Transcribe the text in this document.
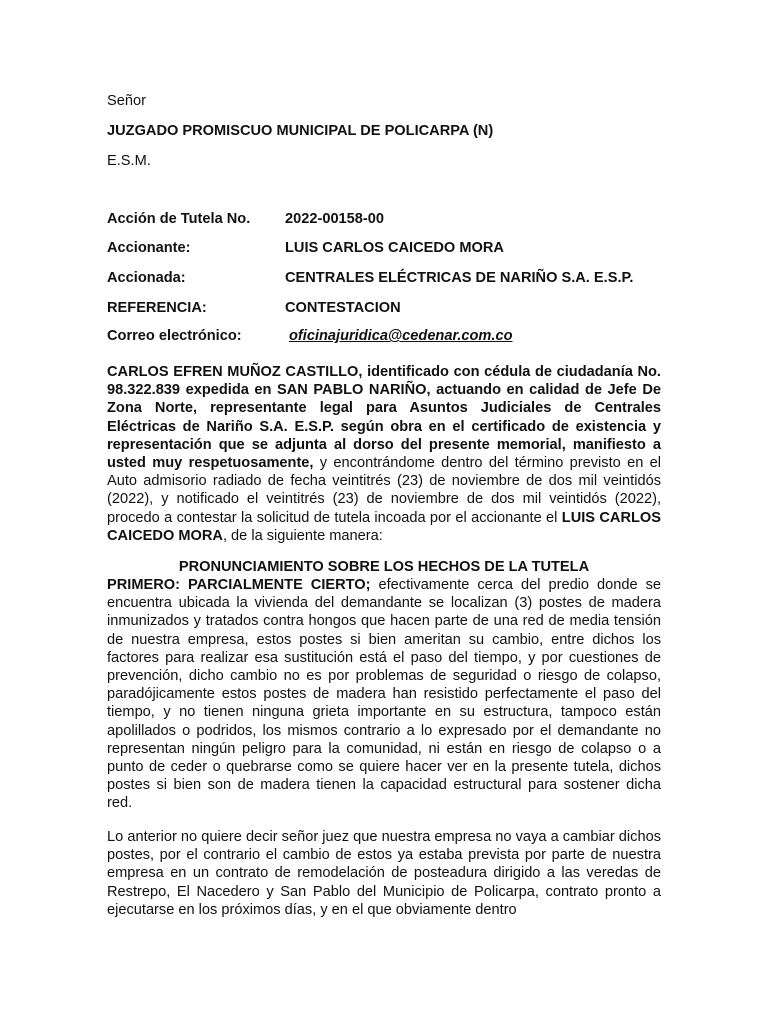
Señor
JUZGADO PROMISCUO MUNICIPAL DE POLICARPA (N)
E.S.M.
Acción de Tutela No. 2022-00158-00
Accionante:	LUIS CARLOS CAICEDO MORA
Accionada:	CENTRALES ELÉCTRICAS DE NARIÑO S.A. E.S.P.
REFERENCIA:	CONTESTACION
Correo electrónico:	oficinajuridica@cedenar.com.co

CARLOS EFREN MUÑOZ CASTILLO, identificado con cédula de ciudadanía No. 98.322.839 expedida en SAN PABLO NARIÑO, actuando en calidad de Jefe De Zona Norte, representante legal para Asuntos Judiciales de Centrales Eléctricas de Nariño S.A. E.S.P. según obra en el certificado de existencia y representación que se adjunta al dorso del presente memorial, manifiesto a usted muy respetuosamente, y encontrándome dentro del término previsto en el Auto admisorio radiado de fecha veintitrés (23) de noviembre de dos mil veintidós (2022), y notificado el veintitrés (23) de noviembre de dos mil veintidós (2022), procedo a contestar la solicitud de tutela incoada por el accionante el LUIS CARLOS CAICEDO MORA, de la siguiente manera:

PRONUNCIAMIENTO SOBRE LOS HECHOS DE LA TUTELA

PRIMERO: PARCIALMENTE CIERTO; efectivamente cerca del predio donde se encuentra ubicada la vivienda del demandante se localizan (3) postes de madera inmunizados y tratados contra hongos que hacen parte de una red de media tensión de nuestra empresa, estos postes si bien ameritan su cambio, entre dichos los factores para realizar esa sustitución está el paso del tiempo, y por cuestiones de prevención, dicho cambio no es por problemas de seguridad o riesgo de colapso, paradójicamente estos postes de madera han resistido perfectamente el paso del tiempo, y no tienen ninguna grieta importante en su estructura, tampoco están apolillados o podridos, los mismos contrario a lo expresado por el demandante no representan ningún peligro para la comunidad, ni están en riesgo de colapso o a punto de ceder o quebrarse como se quiere hacer ver en la presente tutela, dichos postes si bien son de madera tienen la capacidad estructural para sostener dicha red.

Lo anterior no quiere decir señor juez que nuestra empresa no vaya a cambiar dichos postes, por el contrario el cambio de estos ya estaba prevista por parte de nuestra empresa en un contrato de remodelación de posteadura dirigido a las veredas de Restrepo, El Nacedero y San Pablo del Municipio de Policarpa, contrato pronto a ejecutarse en los próximos días, y en el que obviamente dentro
